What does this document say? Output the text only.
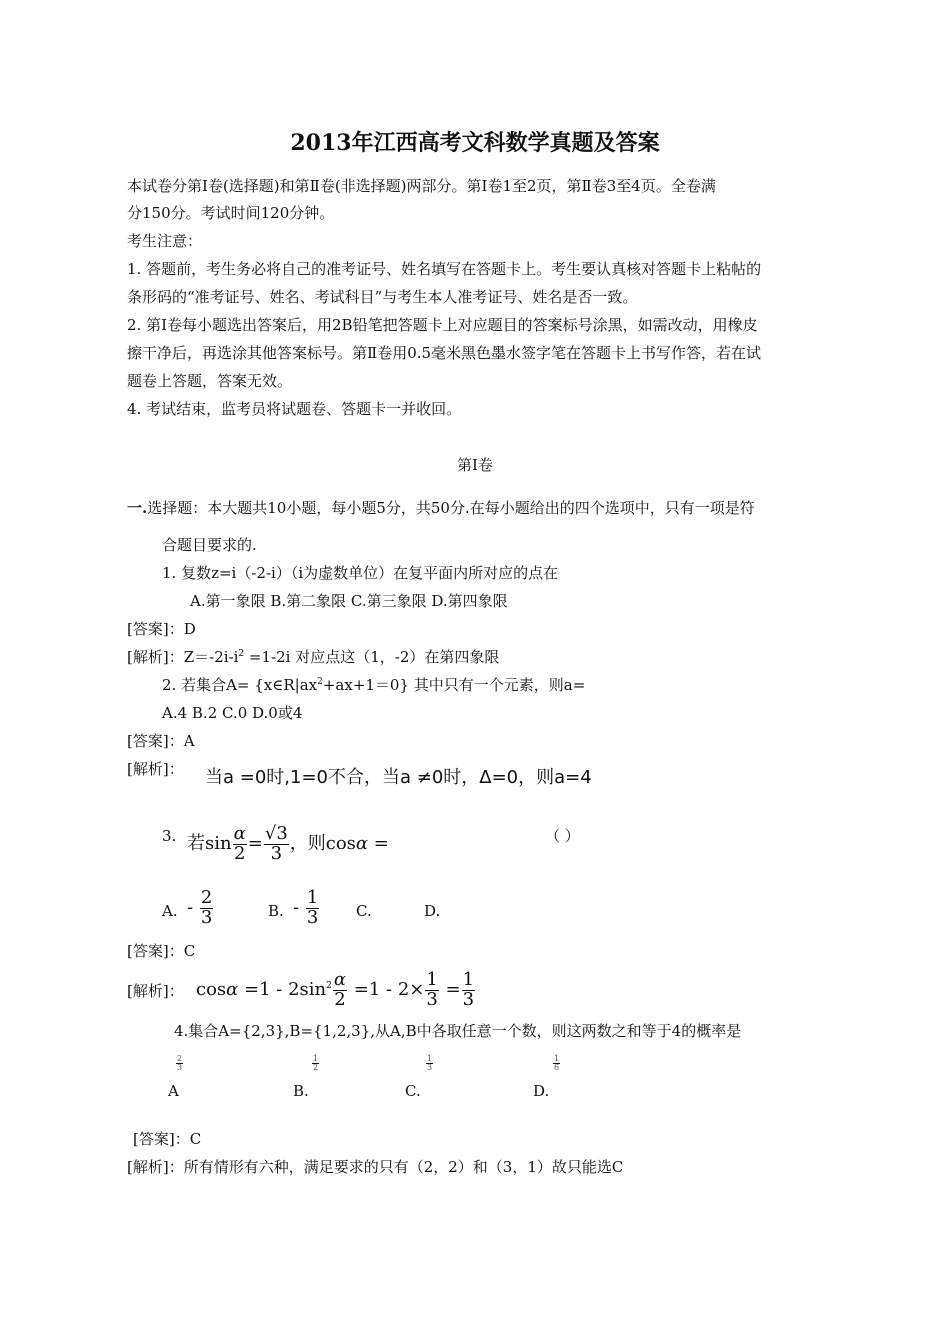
2013年江西高考文科数学真题及答案
本试卷分第Ⅰ卷(选择题)和第Ⅱ卷(非选择题)两部分。第Ⅰ卷1至2页，第Ⅱ卷3至4页。全卷满
分150分。考试时间120分钟。
考生注意：
1. 答题前，考生务必将自己的准考证号、姓名填写在答题卡上。考生要认真核对答题卡上粘帖的
条形码的“准考证号、姓名、考试科目”与考生本人准考证号、姓名是否一致。
2. 第Ⅰ卷每小题选出答案后，用2B铅笔把答题卡上对应题目的答案标号涂黑，如需改动，用橡皮
擦干净后，再选涂其他答案标号。第Ⅱ卷用0.5毫米黑色墨水签字笔在答题卡上书写作答，若在试
题卷上答题，答案无效。
4. 考试结束，监考员将试题卷、答题卡一并收回。
第Ⅰ卷
一.选择题：本大题共10小题，每小题5分，共50分.在每小题给出的四个选项中，只有一项是符
合题目要求的.
1. 复数z=i（-2-i）（i为虚数单位）在复平面内所对应的点在
A.第一象限 B.第二象限 C.第三象限 D.第四象限
[答案]：D
[解析]：$Z=-2i-i^2 =1-2i$ 对应点这（1，-2）在第四象限
2. 若集合$A= \{x\in R|ax^2+ax+1=0\}$ 其中只有一个元素，则a=
A.4 B.2 C.0 D.0或4
[答案]：A
[解析]： 当a =0时,1=0不合，当a ≠0时，Δ=0，则a=4
3. 若$\sin \frac{\alpha}{2} = \frac{√3}{3}$ ，则cosα =	（ ）
A. - $\frac{2}{3}$	B. - $\frac{1}{3} C$.	D.
[答案]：C
[解析]： $\cos\alpha =1 - 2\sin^2 \frac{\alpha}{2} =1 - 2\times \frac{1}{3} = \frac{1}{3}$
4.集合A={2,3},B={1,2,3},从A,B中各取任意一个数，则这两数之和等于4的概率是
A
$\frac{2}{3}$
B.
$\frac{1}{2}$
C.
$\frac{1}{3}$
D.
$\frac{1}{6}$
[答案]：C
[解析]：所有情形有六种，满足要求的只有（2，2）和（3，1）故只能选C
